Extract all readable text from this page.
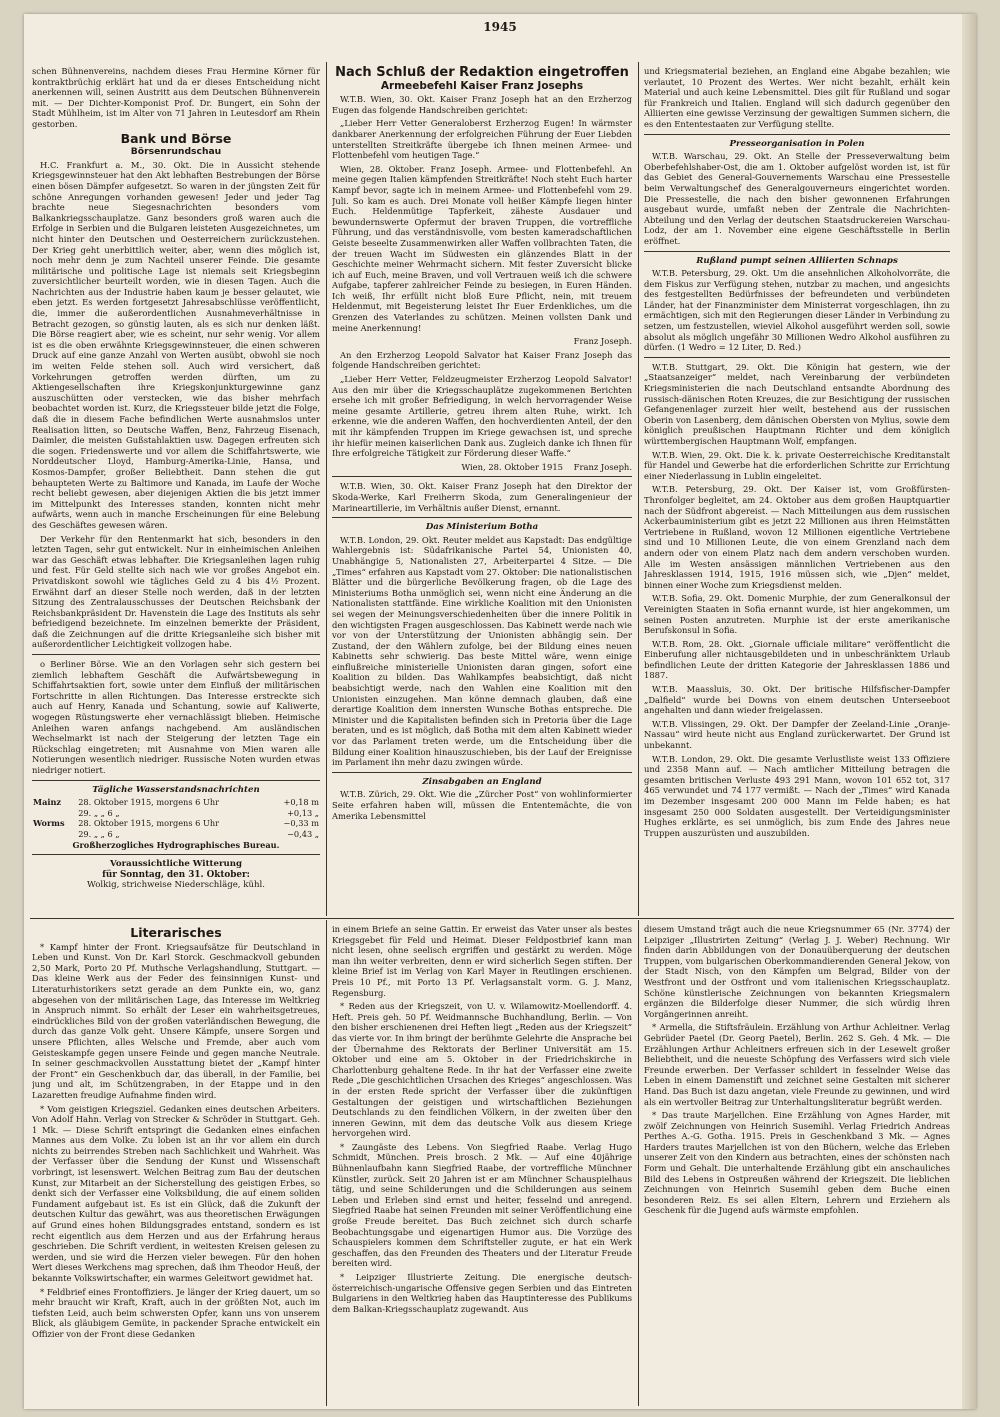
1945

schen Bühnenvereins, nachdem dieses Frau Hermine Körner für kontraktbrüchig erklärt hat und da er dieses Entscheidung nicht anerkennen will, seinen Austritt aus dem Deutschen Bühnenverein mit. — Der Dichter-Komponist Prof. Dr. Bungert, ein Sohn der Stadt Mühlheim, ist im Alter von 71 Jahren in Leutesdorf am Rhein gestorben.

Bank und Börse
Börsenrundschau

H.C. Frankfurt a. M., 30. Okt. Die in Aussicht stehende Kriegsgewinnsteuer hat den Akt lebhaften Bestrebungen der Börse einen bösen Dämpfer aufgesetzt. So waren in der jüngsten Zeit für schöne Anregungen vorhanden gewesen! Jeder und jeder Tag brachte neue Siegesnachrichten besonders vom Balkankriegsschauplatze. Ganz besonders groß waren auch die Erfolge in Serbien und die Bulgaren leisteten Ausgezeichnetes, um nicht hinter den Deutschen und Oesterreichern zurückzustehen. Der Krieg geht unerbittlich weiter, aber, wenn dies möglich ist, noch mehr denn je zum Nachteil unserer Feinde. Die gesamte militärische und politische Lage ist niemals seit Kriegsbeginn zuversichtlicher beurteilt worden, wie in diesen Tagen. Auch die Nachrichten aus der Industrie haben kaum je besser gelautet, wie eben jetzt. Es werden fortgesetzt Jahresabschlüsse veröffentlicht, die, immer die außerordentlichen Ausnahmeverhältnisse in Betracht gezogen, so günstig lauten, als es sich nur denken läßt. Die Börse reagiert aber, wie es scheint, nur sehr wenig. Vor allem ist es die oben erwähnte Kriegsgewinnsteuer, die einen schweren Druck auf eine ganze Anzahl von Werten ausübt, obwohl sie noch im weiten Felde stehen soll. Auch wird versichert, daß Vorkehrungen getroffen werden dürften, um zu Aktiengesellschaften ihre Kriegskonjunkturgewinne ganz auszuschütten oder verstecken, wie das bisher mehrfach beobachtet worden ist. Kurz, die Kriegssteuer bilde jetzt die Folge, daß die in diesem Fache befindlichen Werte ausnahmslos unter Realisation litten, so Deutsche Waffen, Benz, Fahrzeug Eisenach, Daimler, die meisten Gußstahlaktien usw. Dagegen erfreuten sich die sogen. Friedenswerte und vor allem die Schiffahrtswerte, wie Norddeutscher Lloyd, Hamburg-Amerika-Linie, Hansa, und Kosmos-Dampfer, großer Beliebtheit. Dann stehen die gut behaupteten Werte zu Baltimore und Kanada, im Laufe der Woche recht beliebt gewesen, aber diejenigen Aktien die bis jetzt immer im Mittelpunkt des Interesses standen, konnten nicht mehr aufwärts, wenn auch in manche Erscheinungen für eine Belebung des Geschäftes gewesen wären.

Der Verkehr für den Rentenmarkt hat sich, besonders in den letzten Tagen, sehr gut entwickelt. Nur in einheimischen Anleihen war das Geschäft etwas lebhafter. Die Kriegsanleihen lagen ruhig und fest. Für Geld stellte sich nach wie vor großes Angebot ein. Privatdiskont sowohl wie tägliches Geld zu 4 bis 4½ Prozent. Erwähnt darf an dieser Stelle noch werden, daß in der letzten Sitzung des Zentralausschusses der Deutschen Reichsbank der Reichsbankpräsident Dr. Havenstein die Lage des Instituts als sehr befriedigend bezeichnete. Im einzelnen bemerkte der Präsident, daß die Zeichnungen auf die dritte Kriegsanleihe sich bisher mit außerordentlicher Leichtigkeit vollzogen habe.

o Berliner Börse. Wie an den Vorlagen sehr sich gestern bei ziemlich lebhaftem Geschäft die Aufwärtsbewegung in Schiffahrtsaktien fort, sowie unter dem Einfluß der militärischen Fortschritte in allen Richtungen. Das Interesse erstreckte sich auch auf Henry, Kanada und Schantung, sowie auf Kaliwerte, wogegen Rüstungswerte eher vernachlässigt blieben. Heimische Anleihen waren anfangs nachgebend. Am ausländischen Wechselmarkt ist nach der Steigerung der letzten Tage ein Rückschlag eingetreten; mit Ausnahme von Mien waren alle Notierungen wesentlich niedriger. Russische Noten wurden etwas niedriger notiert.

Tägliche Wasserstandsnachrichten
Mainz	28. Oktober 1915, morgens 6 Uhr	+0,18 m
	29. „ „ 6 „	+0,13 „
Worms	28. Oktober 1915, morgens 6 Uhr	−0,33 m
	29. „ „ 6 „	−0,43 „
Großherzogliches Hydrographisches Bureau.
Voraussichtliche Witterung
für Sonntag, den 31. Oktober:
Wolkig, strichweise Niederschläge, kühl.
Nach Schluß der Redaktion eingetroffen
Armeebefehl Kaiser Franz Josephs

W.T.B. Wien, 30. Okt. Kaiser Franz Joseph hat an den Erzherzog Eugen das folgende Handschreiben gerichtet:

„Lieber Herr Vetter Generaloberst Erzherzog Eugen! In wärmster dankbarer Anerkennung der erfolgreichen Führung der Euer Liebden unterstellten Streitkräfte übergebe ich Ihnen meinen Armee- und Flottenbefehl vom heutigen Tage.“

Wien, 28. Oktober. Franz Joseph. Armee- und Flottenbefehl. An meine gegen Italien kämpfenden Streitkräfte! Noch steht Euch harter Kampf bevor, sagte ich in meinem Armee- und Flottenbefehl vom 29. Juli. So kam es auch. Drei Monate voll heißer Kämpfe liegen hinter Euch. Heldenmütige Tapferkeit, zäheste Ausdauer und bewundernswerte Opfermut der braven Truppen, die vortreffliche Führung, und das verständnisvolle, vom besten kameradschaftlichen Geiste beseelte Zusammenwirken aller Waffen vollbrachten Taten, die der treuen Wacht im Südwesten ein glänzendes Blatt in der Geschichte meiner Wehrmacht sichern. Mit fester Zuversicht blicke ich auf Euch, meine Braven, und voll Vertrauen weiß ich die schwere Aufgabe, tapferer zahlreicher Feinde zu besiegen, in Euren Händen. Ich weiß, Ihr erfüllt nicht bloß Eure Pflicht, nein, mit treuem Heldenmut, mit Begeisterung leistet Ihr Euer Erdenkliches, um die Grenzen des Vaterlandes zu schützen. Meinen vollsten Dank und meine Anerkennung!

Franz Joseph.

An den Erzherzog Leopold Salvator hat Kaiser Franz Joseph das folgende Handschreiben gerichtet:

„Lieber Herr Vetter, Feldzeugmeister Erzherzog Leopold Salvator! Aus den mir über die Kriegsschauplätze zugekommenen Berichten ersehe ich mit großer Befriedigung, in welch hervorragender Weise meine gesamte Artillerie, getreu ihrem alten Ruhe, wirkt. Ich erkenne, wie die anderen Waffen, den hochverdienten Anteil, der den mit ihr kämpfenden Truppen im Kriege gewachsen ist, und spreche ihr hiefür meinen kaiserlichen Dank aus. Zugleich danke ich Ihnen für Ihre erfolgreiche Tätigkeit zur Förderung dieser Waffe.“

Wien, 28. Oktober 1915 Franz Joseph.

W.T.B. Wien, 30. Okt. Kaiser Franz Joseph hat den Direktor der Skoda-Werke, Karl Freiherrn Skoda, zum Generalingenieur der Marineartillerie, im Verhältnis außer Dienst, ernannt.

Das Ministerium Botha

W.T.B. London, 29. Okt. Reuter meldet aus Kapstadt: Das endgültige Wahlergebnis ist: Südafrikanische Partei 54, Unionisten 40, Unabhängige 5, Nationalisten 27, Arbeiterpartei 4 Sitze. — Die „Times“ erfahren aus Kapstadt vom 27. Oktober: Die nationalistischen Blätter und die bürgerliche Bevölkerung fragen, ob die Lage des Ministeriums Botha unmöglich sei, wenn nicht eine Änderung an die Nationalisten stattfände. Eine wirkliche Koalition mit den Unionisten sei wegen der Meinungsverschiedenheiten über die innere Politik in den wichtigsten Fragen ausgeschlossen. Das Kabinett werde nach wie vor von der Unterstützung der Unionisten abhängig sein. Der Zustand, der den Wählern zufolge, bei der Bildung eines neuen Kabinetts sehr schwierig. Das beste Mittel wäre, wenn einige einflußreiche ministerielle Unionisten daran gingen, sofort eine Koalition zu bilden. Das Wahlkampfes beabsichtigt, daß nicht beabsichtigt werde, nach den Wahlen eine Koalition mit den Unionisten einzugehen. Man könne demnach glauben, daß eine derartige Koalition dem innersten Wunsche Bothas entspreche. Die Minister und die Kapitalisten befinden sich in Pretoria über die Lage beraten, und es ist möglich, daß Botha mit dem alten Kabinett wieder vor das Parlament treten werde, um die Entscheidung über die Bildung einer Koalition hinauszuschieben, bis der Lauf der Ereignisse im Parlament ihn mehr dazu zwingen würde.

Zinsabgaben an England

W.T.B. Zürich, 29. Okt. Wie die „Zürcher Post“ von wohlinformierter Seite erfahren haben will, müssen die Ententemächte, die von Amerika Lebensmittel

und Kriegsmaterial beziehen, an England eine Abgabe bezahlen; wie verlautet, 10 Prozent des Wertes. Wer nicht bezahlt, erhält kein Material und auch keine Lebensmittel. Dies gilt für Rußland und sogar für Frankreich und Italien. England will sich dadurch gegenüber den Alliierten eine gewisse Verzinsung der gewaltigen Summen sichern, die es den Ententestaaten zur Verfügung stellte.

Presseorganisation in Polen

W.T.B. Warschau, 29. Okt. An Stelle der Presseverwaltung beim Oberbefehlshaber-Ost, die am 1. Oktober aufgelöst worden ist, ist für das Gebiet des General-Gouvernements Warschau eine Pressestelle beim Verwaltungschef des Generalgouverneurs eingerichtet worden. Die Pressestelle, die nach den bisher gewonnenen Erfahrungen ausgebaut wurde, umfaßt neben der Zentrale die Nachrichten-Abteilung und den Verlag der deutschen Staatsdruckereien Warschau-Lodz, der am 1. November eine eigene Geschäftsstelle in Berlin eröffnet.

Rußland pumpt seinen Alliierten Schnaps

W.T.B. Petersburg, 29. Okt. Um die ansehnlichen Alkoholvorräte, die dem Fiskus zur Verfügung stehen, nutzbar zu machen, und angesichts des festgestellten Bedürfnisses der befreundeten und verbündeten Länder, hat der Finanzminister dem Ministerrat vorgeschlagen, ihn zu ermächtigen, sich mit den Regierungen dieser Länder in Verbindung zu setzen, um festzustellen, wieviel Alkohol ausgeführt werden soll, sowie absolut als möglich ungefähr 30 Millionen Wedro Alkohol ausführen zu dürfen. (1 Wedro = 12 Liter, D. Red.)

W.T.B. Stuttgart, 29. Okt. Die Königin hat gestern, wie der „Staatsanzeiger“ meldet, nach Vereinbarung der verbündeten Kriegsministerien die nach Deutschland entsandte Abordnung des russisch-dänischen Roten Kreuzes, die zur Besichtigung der russischen Gefangenenlager zurzeit hier weilt, bestehend aus der russischen Oberin von Lasenberg, dem dänischen Obersten von Mylius, sowie dem königlich preußischen Hauptmann Richter und dem königlich württembergischen Hauptmann Wolf, empfangen.

W.T.B. Wien, 29. Okt. Die k. k. private Oesterreichische Kreditanstalt für Handel und Gewerbe hat die erforderlichen Schritte zur Errichtung einer Niederlassung in Lublin eingeleitet.

W.T.B. Petersburg, 29. Okt. Der Kaiser ist, vom Großfürsten-Thronfolger begleitet, am 24. Oktober aus dem großen Hauptquartier nach der Südfront abgereist. — Nach Mitteilungen aus dem russischen Ackerbauministerium gibt es jetzt 22 Millionen aus ihren Heimstätten Vertriebene in Rußland, wovon 12 Millionen eigentliche Vertriebene sind und 10 Millionen Leute, die von einem Grenzland nach dem andern oder von einem Platz nach dem andern verschoben wurden. Alle im Westen ansässigen männlichen Vertriebenen aus den Jahresklassen 1914, 1915, 1916 müssen sich, wie „Djen“ meldet, binnen einer Woche zum Kriegsdienst melden.

W.T.B. Sofia, 29. Okt. Domenic Murphie, der zum Generalkonsul der Vereinigten Staaten in Sofia ernannt wurde, ist hier angekommen, um seinen Posten anzutreten. Murphie ist der erste amerikanische Berufskonsul in Sofia.

W.T.B. Rom, 28. Okt. „Giornale ufficiale militare“ veröffentlicht die Einberufung aller nichtausgebildeten und in unbeschränktem Urlaub befindlichen Leute der dritten Kategorie der Jahresklassen 1886 und 1887.

W.T.B. Maassluis, 30. Okt. Der britische Hilfsfischer-Dampfer „Dalfield“ wurde bei Downs von einem deutschen Unterseeboot angehalten und dann wieder freigelassen.

W.T.B. Vlissingen, 29. Okt. Der Dampfer der Zeeland-Linie „Oranje-Nassau“ wird heute nicht aus England zurückerwartet. Der Grund ist unbekannt.

W.T.B. London, 29. Okt. Die gesamte Verlustliste weist 133 Offiziere und 2358 Mann auf. — Nach amtlicher Mitteilung betragen die gesamten britischen Verluste 493 291 Mann, wovon 101 652 tot, 317 465 verwundet und 74 177 vermißt. — Nach der „Times“ wird Kanada im Dezember insgesamt 200 000 Mann im Felde haben; es hat insgesamt 250 000 Soldaten ausgestellt. Der Verteidigungsminister Hughes erklärte, es sei unmöglich, bis zum Ende des Jahres neue Truppen auszurüsten und auszubilden.

Literarisches

* Kampf hinter der Front. Kriegsaufsätze für Deutschland in Leben und Kunst. Von Dr. Karl Storck. Geschmackvoll gebunden 2,50 Mark, Porto 20 Pf. Muthsche Verlagshandlung, Stuttgart. — Das kleine Werk aus der Feder des feinsinnigen Kunst- und Literaturhistorikers setzt gerade an dem Punkte ein, wo, ganz abgesehen von der militärischen Lage, das Interesse im Weltkrieg in Anspruch nimmt. So erhält der Leser ein wahrheitsgetreues, eindrückliches Bild von der großen vaterländischen Bewegung, die durch das ganze Volk geht. Unsere Kämpfe, unsere Sorgen und unsere Pflichten, alles Welsche und Fremde, aber auch vom Geisteskampfe gegen unsere Feinde und gegen manche Neutrale. In seiner geschmackvollen Ausstattung bietet der „Kampf hinter der Front“ ein Geschenkbuch dar, das überall, in der Familie, bei jung und alt, im Schützengraben, in der Etappe und in den Lazaretten freudige Aufnahme finden wird.

* Vom geistigen Kriegsziel. Gedanken eines deutschen Arbeiters. Von Adolf Hahn. Verlag von Strecker & Schröder in Stuttgart. Geh. 1 Mk. — Diese Schrift entspringt die Gedanken eines einfachen Mannes aus dem Volke. Zu loben ist an ihr vor allem ein durch nichts zu beirrendes Streben nach Sachlichkeit und Wahrheit. Was der Verfasser über die Sendung der Kunst und Wissenschaft vorbringt, ist lesenswert. Welchen Beitrag zum Bau der deutschen Kunst, zur Mitarbeit an der Sicherstellung des geistigen Erbes, so denkt sich der Verfasser eine Volksbildung, die auf einem soliden Fundament aufgebaut ist. Es ist ein Glück, daß die Zukunft der deutschen Kultur das gewährt, was aus theoretischen Erwägungen auf Grund eines hohen Bildungsgrades entstand, sondern es ist recht eigentlich aus dem Herzen und aus der Erfahrung heraus geschrieben. Die Schrift verdient, in weitesten Kreisen gelesen zu werden, und sie wird die Herzen vieler bewegen. Für den hohen Wert dieses Werkchens mag sprechen, daß ihm Theodor Heuß, der bekannte Volkswirtschafter, ein warmes Geleitwort gewidmet hat.

* Feldbrief eines Frontoffiziers. Je länger der Krieg dauert, um so mehr braucht wir Kraft, Kraft, auch in der größten Not, auch im tiefsten Leid, auch beim schwersten Opfer, kann uns von unserem Blick, als gläubigem Gemüte, in packender Sprache entwickelt ein Offizier von der Front diese Gedanken

in einem Briefe an seine Gattin. Er erweist das Vater unser als bestes Kriegsgebet für Feld und Heimat. Dieser Feldpostbrief kann man nicht lesen, ohne seelisch ergriffen und gestärkt zu werden. Möge man ihn weiter verbreiten, denn er wird sicherlich Segen stiften. Der kleine Brief ist im Verlag von Karl Mayer in Reutlingen erschienen. Preis 10 Pf., mit Porto 13 Pf. Verlagsanstalt vorm. G. J. Manz, Regensburg.

* Reden aus der Kriegszeit, von U. v. Wilamowitz-Moellendorff. 4. Heft. Preis geh. 50 Pf. Weidmannsche Buchhandlung, Berlin. — Von den bisher erschienenen drei Heften liegt „Reden aus der Kriegszeit“ das vierte vor. In ihm bringt der berühmte Gelehrte die Ansprache bei der Übernahme des Rektorats der Berliner Universität am 15. Oktober und eine am 5. Oktober in der Friedrichskirche in Charlottenburg gehaltene Rede. In ihr hat der Verfasser eine zweite Rede „Die geschichtlichen Ursachen des Krieges“ angeschlossen. Was in der ersten Rede spricht der Verfasser über die zukünftigen Gestaltungen der geistigen und wirtschaftlichen Beziehungen Deutschlands zu den feindlichen Völkern, in der zweiten über den inneren Gewinn, mit dem das deutsche Volk aus diesem Kriege hervorgehen wird.

* Zaungäste des Lebens. Von Siegfried Raabe. Verlag Hugo Schmidt, München. Preis brosch. 2 Mk. — Auf eine 40jährige Bühnenlaufbahn kann Siegfried Raabe, der vortreffliche Münchner Künstler, zurück. Seit 20 Jahren ist er am Münchner Schauspielhaus tätig, und seine Schilderungen und die Schilderungen aus seinem Leben und Erleben sind ernst und heiter, fesselnd und anregend. Siegfried Raabe hat seinen Freunden mit seiner Veröffentlichung eine große Freude bereitet. Das Buch zeichnet sich durch scharfe Beobachtungsgabe und eigenartigen Humor aus. Die Vorzüge des Schauspielers kommen dem Schriftsteller zugute, er hat ein Werk geschaffen, das den Freunden des Theaters und der Literatur Freude bereiten wird.

* Leipziger Illustrierte Zeitung. Die energische deutsch-österreichisch-ungarische Offensive gegen Serbien und das Eintreten Bulgariens in den Weltkrieg haben das Hauptinteresse des Publikums dem Balkan-Kriegsschauplatz zugewandt. Aus

diesem Umstand trägt auch die neue Kriegsnummer 65 (Nr. 3774) der Leipziger „Illustrirten Zeitung“ (Verlag J. J. Weber) Rechnung. Wir finden darin Abbildungen von der Donauüberquerung der deutschen Truppen, vom bulgarischen Oberkommandierenden General Jekow, von der Stadt Nisch, von den Kämpfen um Belgrad, Bilder von der Westfront und der Ostfront und vom italienischen Kriegsschauplatz. Schöne künstlerische Zeichnungen von bekannten Kriegsmalern ergänzen die Bilderfolge dieser Nummer, die sich würdig ihren Vorgängerinnen anreiht.

* Armella, die Stiftsfräulein. Erzählung von Arthur Achleitner. Verlag Gebrüder Paetel (Dr. Georg Paetel), Berlin. 262 S. Geh. 4 Mk. — Die Erzählungen Arthur Achleitners erfreuen sich in der Lesewelt großer Beliebtheit, und die neueste Schöpfung des Verfassers wird sich viele Freunde erwerben. Der Verfasser schildert in fesselnder Weise das Leben in einem Damenstift und zeichnet seine Gestalten mit sicherer Hand. Das Buch ist dazu angetan, viele Freunde zu gewinnen, und wird als ein wertvoller Beitrag zur Unterhaltungsliteratur begrüßt werden.

* Das traute Marjellchen. Eine Erzählung von Agnes Harder, mit zwölf Zeichnungen von Heinrich Susemihl. Verlag Friedrich Andreas Perthes A.-G. Gotha. 1915. Preis in Geschenkband 3 Mk. — Agnes Harders trautes Marjellchen ist von den Büchern, welche das Erleben unserer Zeit von den Kindern aus betrachten, eines der schönsten nach Form und Gehalt. Die unterhaltende Erzählung gibt ein anschauliches Bild des Lebens in Ostpreußen während der Kriegszeit. Die lieblichen Zeichnungen von Heinrich Susemihl geben dem Buche einen besonderen Reiz. Es sei allen Eltern, Lehrern und Erziehern als Geschenk für die Jugend aufs wärmste empfohlen.
